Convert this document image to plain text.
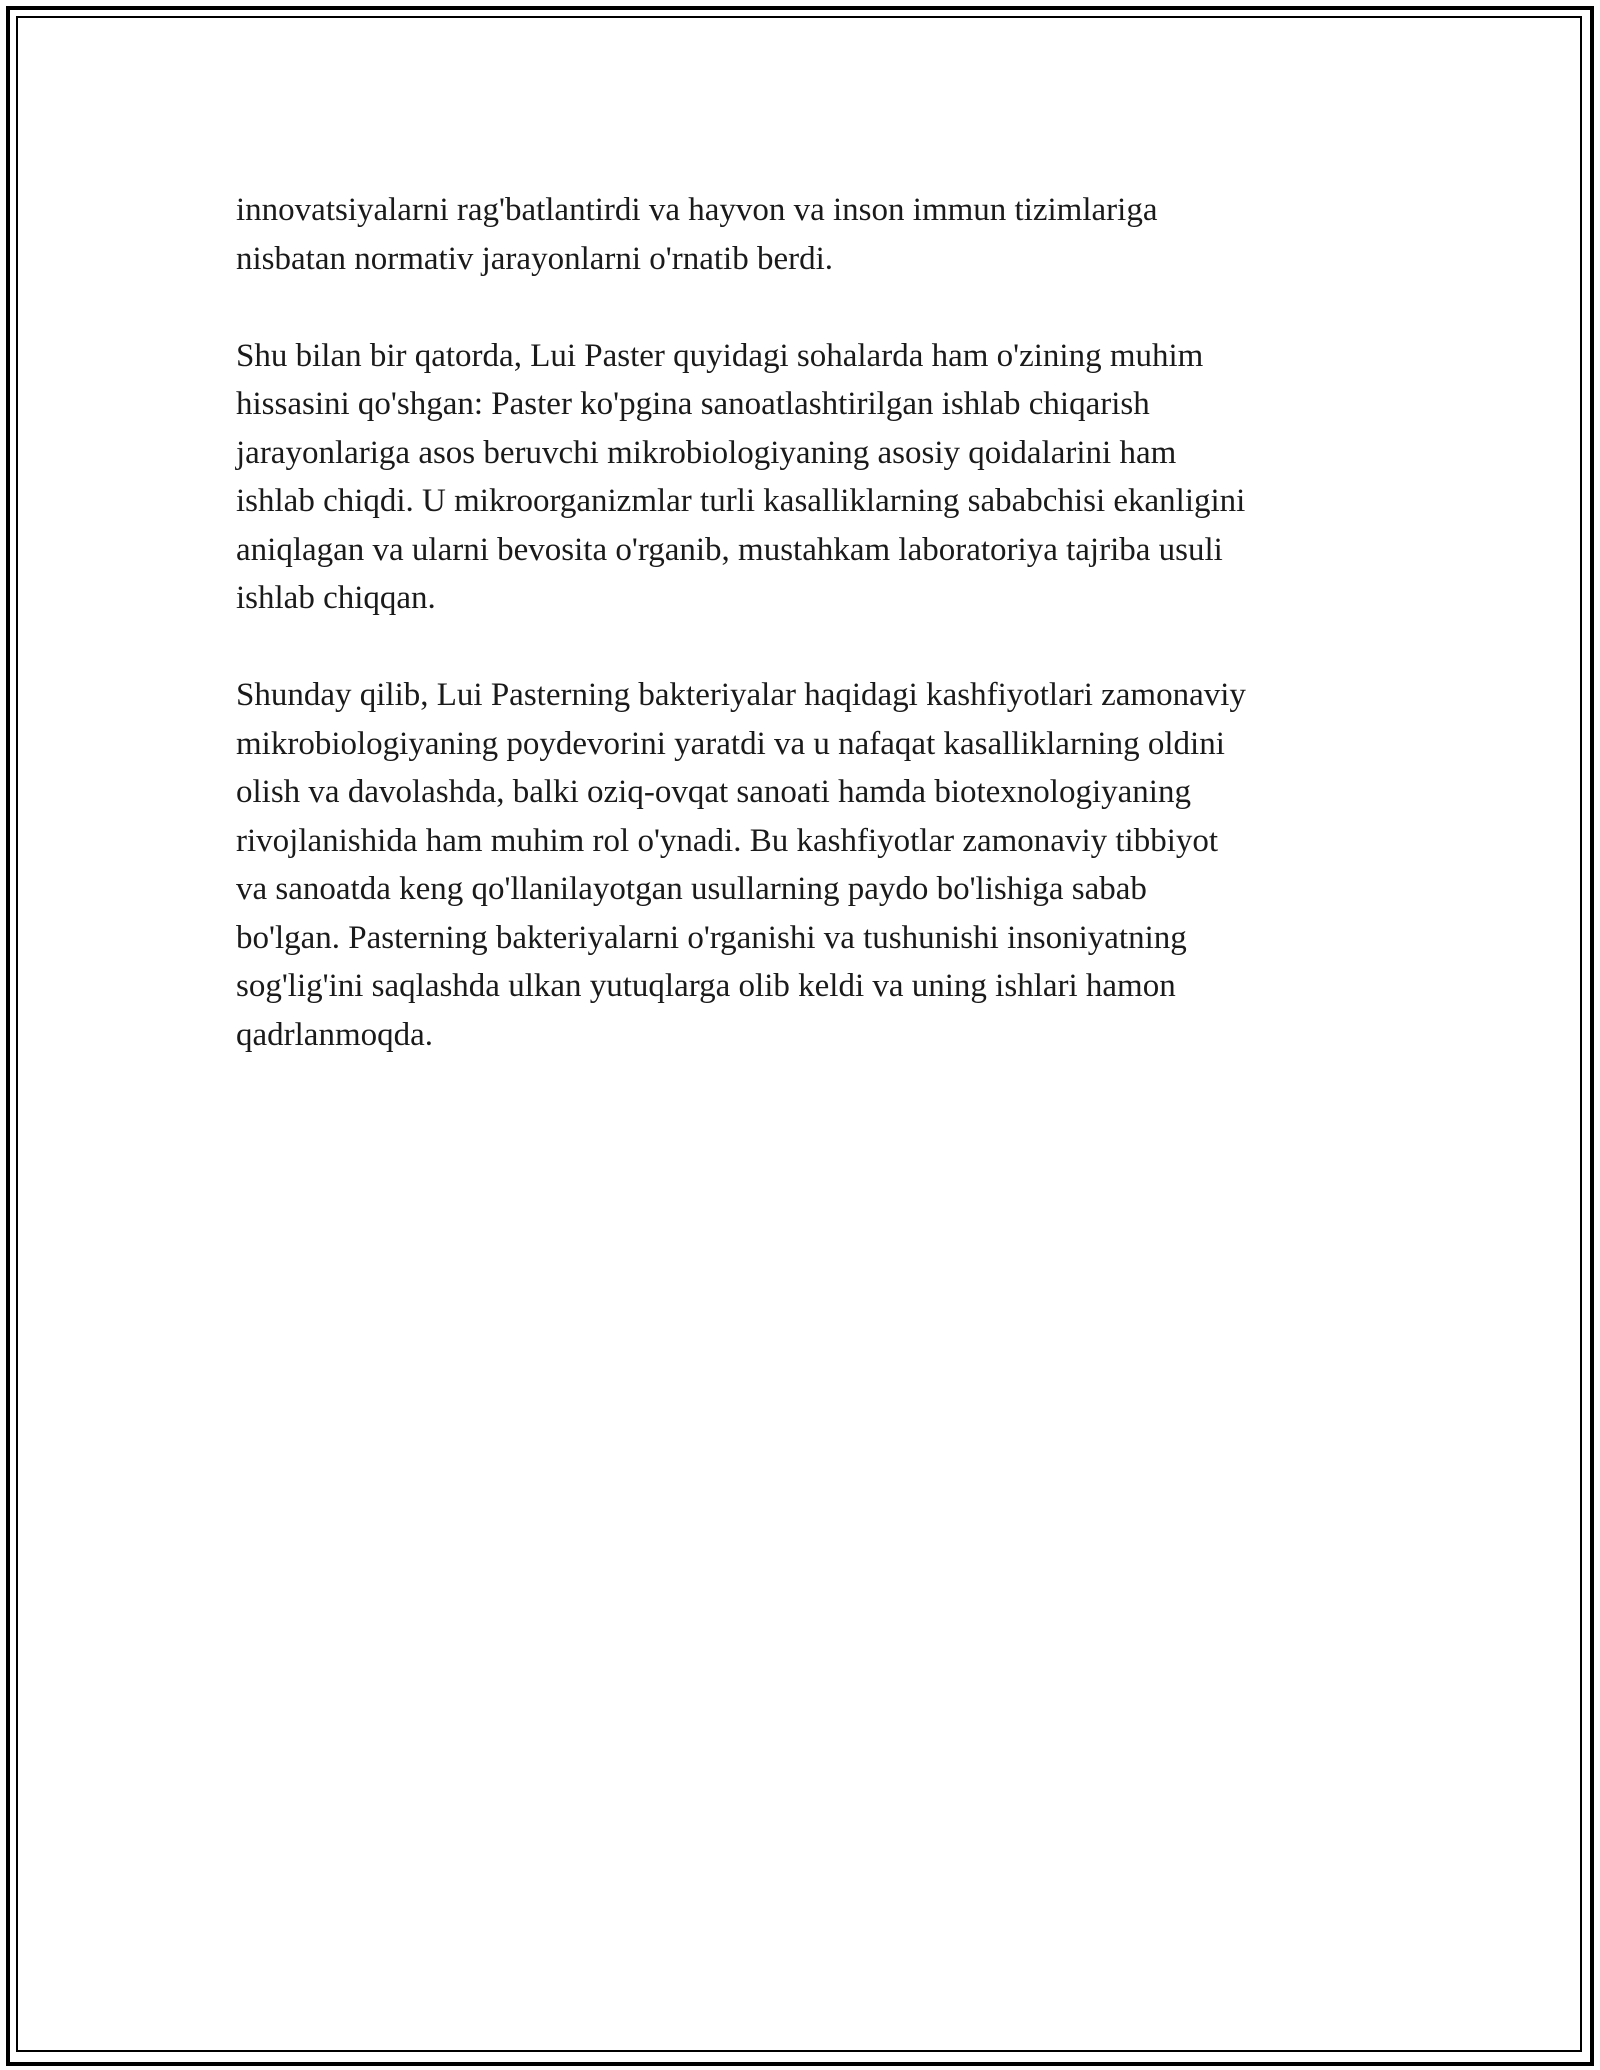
innovatsiyalarni rag'batlantirdi va hayvon va inson immun tizimlariga
nisbatan normativ jarayonlarni o'rnatib berdi.

Shu bilan bir qatorda, Lui Paster quyidagi sohalarda ham o'zining muhim
hissasini qo'shgan: Paster ko'pgina sanoatlashtirilgan ishlab chiqarish
jarayonlariga asos beruvchi mikrobiologiyaning asosiy qoidalarini ham
ishlab chiqdi. U mikroorganizmlar turli kasalliklarning sababchisi ekanligini
aniqlagan va ularni bevosita o'rganib, mustahkam laboratoriya tajriba usuli
ishlab chiqqan.

Shunday qilib, Lui Pasterning bakteriyalar haqidagi kashfiyotlari zamonaviy
mikrobiologiyaning poydevorini yaratdi va u nafaqat kasalliklarning oldini
olish va davolashda, balki oziq-ovqat sanoati hamda biotexnologiyaning
rivojlanishida ham muhim rol o'ynadi. Bu kashfiyotlar zamonaviy tibbiyot
va sanoatda keng qo'llanilayotgan usullarning paydo bo'lishiga sabab
bo'lgan. Pasterning bakteriyalarni o'rganishi va tushunishi insoniyatning
sog'lig'ini saqlashda ulkan yutuqlarga olib keldi va uning ishlari hamon
qadrlanmoqda.
